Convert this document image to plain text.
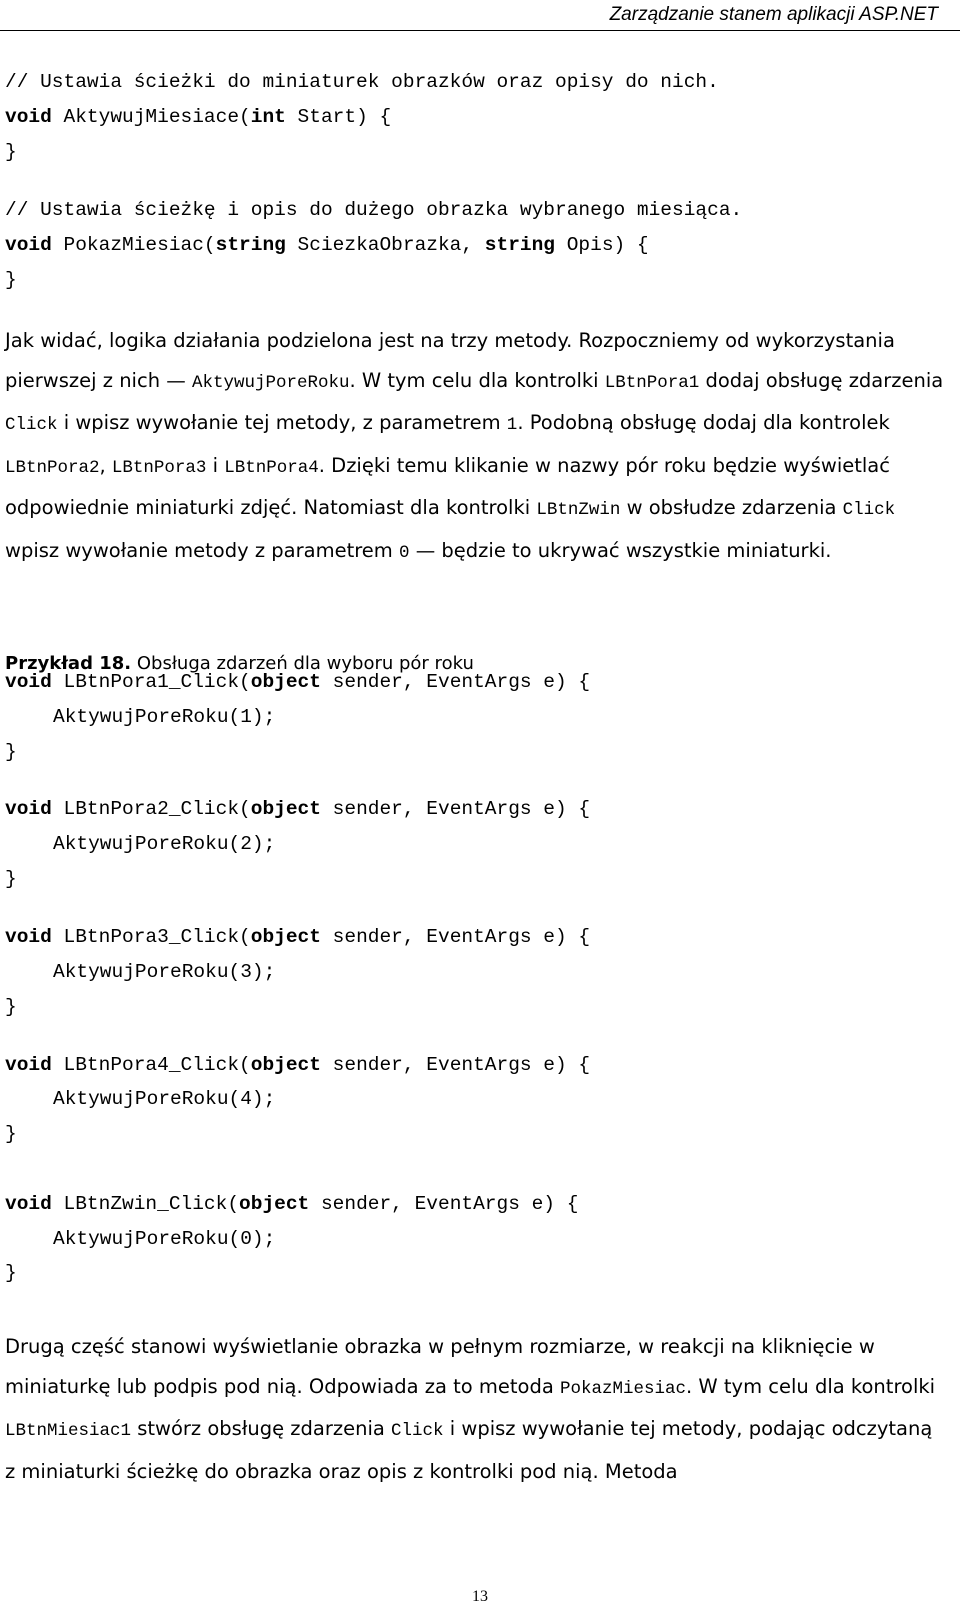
Zarządzanie stanem aplikacji ASP.NET
// Ustawia ścieżki do miniaturek obrazków oraz opisy do nich.
void AktywujMiesiace(int Start) {
}
// Ustawia ścieżkę i opis do dużego obrazka wybranego miesiąca.
void PokazMiesiac(string SciezkaObrazka, string Opis) {
}

Jak widać, logika działania podzielona jest na trzy metody. Rozpoczniemy od wykorzystania pierwszej z nich — AktywujPoreRoku. W tym celu dla kontrolki LBtnPora1 dodaj obsługę zdarzenia Click i wpisz wywołanie tej metody, z parametrem 1. Podobną obsługę dodaj dla kontrolek LBtnPora2, LBtnPora3 i LBtnPora4. Dzięki temu klikanie w nazwy pór roku będzie wyświetlać odpowiednie miniaturki zdjęć. Natomiast dla kontrolki LBtnZwin w obsłudze zdarzenia Click wpisz wywołanie metody z parametrem 0 — będzie to ukrywać wszystkie miniaturki.

Przykład 18. Obsługa zdarzeń dla wyboru pór roku
void LBtnPora1_Click(object sender, EventArgs e) {
AktywujPoreRoku(1);
}
void LBtnPora2_Click(object sender, EventArgs e) {
AktywujPoreRoku(2);
}
void LBtnPora3_Click(object sender, EventArgs e) {
AktywujPoreRoku(3);
}
void LBtnPora4_Click(object sender, EventArgs e) {
AktywujPoreRoku(4);
}
void LBtnZwin_Click(object sender, EventArgs e) {
AktywujPoreRoku(0);
}

Drugą część stanowi wyświetlanie obrazka w pełnym rozmiarze, w reakcji na kliknięcie w miniaturkę lub podpis pod nią. Odpowiada za to metoda PokazMiesiac. W tym celu dla kontrolki LBtnMiesiac1 stwórz obsługę zdarzenia Click i wpisz wywołanie tej metody, podając odczytaną z miniaturki ścieżkę do obrazka oraz opis z kontrolki pod nią. Metoda

13
